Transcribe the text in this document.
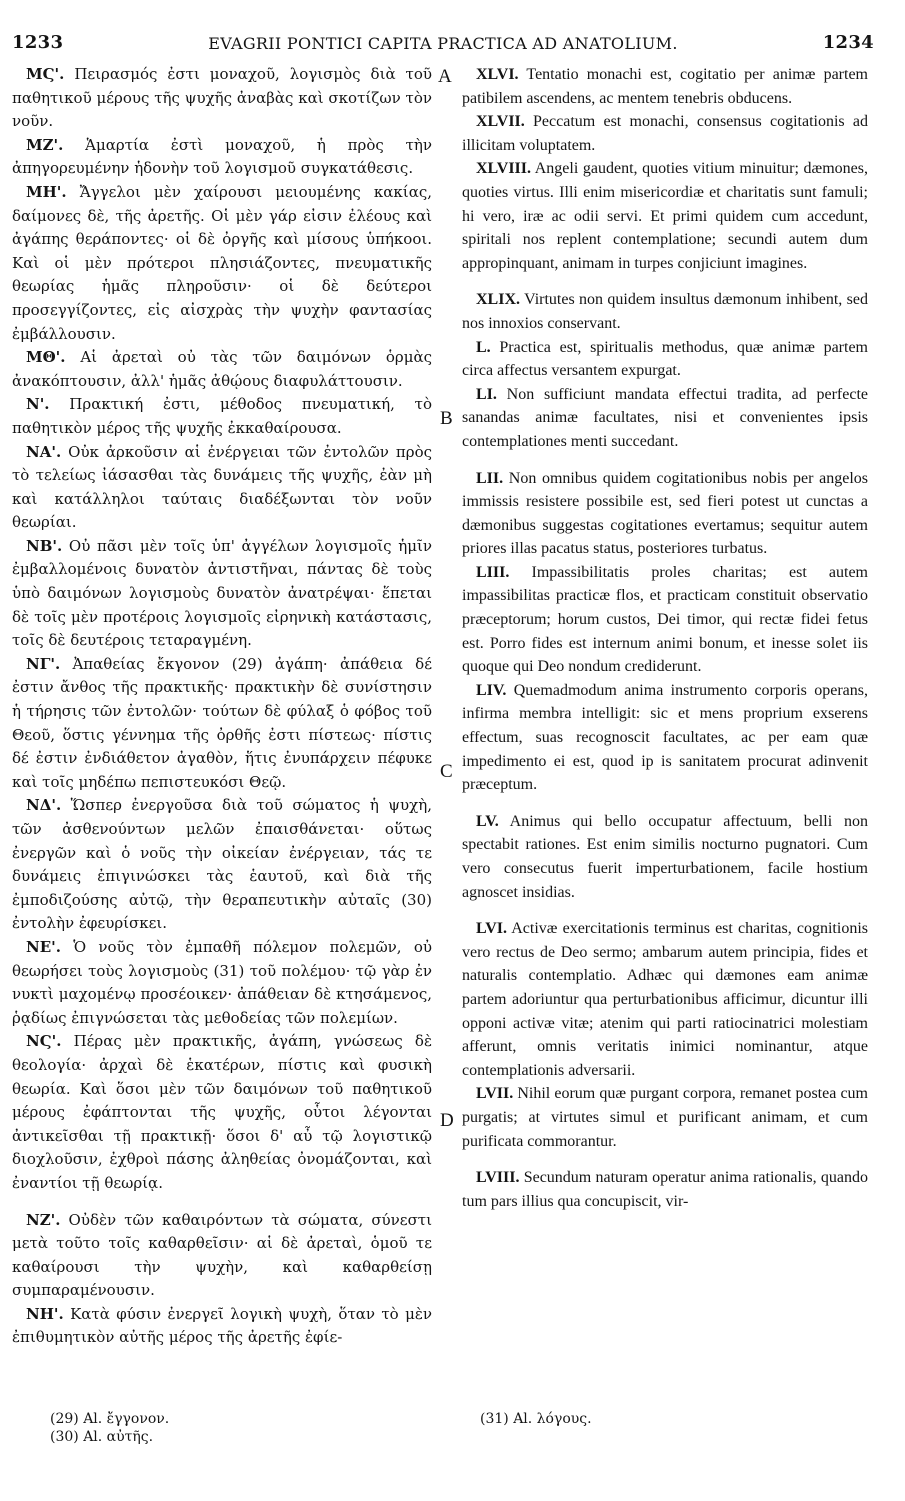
1233	EVAGRII PONTICI CAPITA PRACTICA AD ANATOLIUM.	1234
A
B
C
D

ΜϚ'. Πειρασμός ἐστι μοναχοῦ, λογισμὸς διὰ τοῦ παθητικοῦ μέρους τῆς ψυχῆς ἀναβὰς καὶ σκοτίζων τὸν νοῦν.

ΜΖ'. Ἁμαρτία ἐστὶ μοναχοῦ, ἡ πρὸς τὴν ἀπηγορευμένην ἡδονὴν τοῦ λογισμοῦ συγκατάθεσις.

ΜΗ'. Ἄγγελοι μὲν χαίρουσι μειουμένης κακίας, δαίμονες δὲ, τῆς ἀρετῆς. Οἱ μὲν γάρ εἰσιν ἐλέους καὶ ἀγάπης θεράποντες· οἱ δὲ ὀργῆς καὶ μίσους ὑπήκοοι. Καὶ οἱ μὲν πρότεροι πλησιάζοντες, πνευματικῆς θεωρίας ἡμᾶς πληροῦσιν· οἱ δὲ δεύτεροι προσεγγίζοντες, εἰς αἰσχρὰς τὴν ψυχὴν φαντασίας ἐμβάλλουσιν.

ΜΘ'. Αἱ ἀρεταὶ οὐ τὰς τῶν δαιμόνων ὁρμὰς ἀνακόπτουσιν, ἀλλ' ἡμᾶς ἀθῴους διαφυλάττουσιν.

Ν'. Πρακτική ἐστι, μέθοδος πνευματική, τὸ παθητικὸν μέρος τῆς ψυχῆς ἐκκαθαίρουσα.

ΝΑ'. Οὐκ ἀρκοῦσιν αἱ ἐνέργειαι τῶν ἐντολῶν πρὸς τὸ τελείως ἰάσασθαι τὰς δυνάμεις τῆς ψυχῆς, ἐὰν μὴ καὶ κατάλληλοι ταύταις διαδέξωνται τὸν νοῦν θεωρίαι.

ΝΒ'. Οὐ πᾶσι μὲν τοῖς ὑπ' ἀγγέλων λογισμοῖς ἡμῖν ἐμβαλλομένοις δυνατὸν ἀντιστῆναι, πάντας δὲ τοὺς ὑπὸ δαιμόνων λογισμοὺς δυνατὸν ἀνατρέψαι· ἕπεται δὲ τοῖς μὲν προτέροις λογισμοῖς εἰρηνικὴ κατάστασις, τοῖς δὲ δευτέροις τεταραγμένη.

ΝΓ'. Ἀπαθείας ἔκγονον (29) ἀγάπη· ἀπάθεια δέ ἐστιν ἄνθος τῆς πρακτικῆς· πρακτικὴν δὲ συνίστησιν ἡ τήρησις τῶν ἐντολῶν· τούτων δὲ φύλαξ ὁ φόβος τοῦ Θεοῦ, ὅστις γέννημα τῆς ὀρθῆς ἐστι πίστεως· πίστις δέ ἐστιν ἐνδιάθετον ἀγαθὸν, ἥτις ἐνυπάρχειν πέφυκε καὶ τοῖς μηδέπω πεπιστευκόσι Θεῷ.

ΝΔ'. Ὥσπερ ἐνεργοῦσα διὰ τοῦ σώματος ἡ ψυχὴ, τῶν ἀσθενούντων μελῶν ἐπαισθάνεται· οὕτως ἐνεργῶν καὶ ὁ νοῦς τὴν οἰκείαν ἐνέργειαν, τάς τε δυνάμεις ἐπιγινώσκει τὰς ἑαυτοῦ, καὶ διὰ τῆς ἐμποδιζούσης αὐτῷ, τὴν θεραπευτικὴν αὐταῖς (30) ἐντολὴν ἐφευρίσκει.

ΝΕ'. Ὁ νοῦς τὸν ἐμπαθῆ πόλεμον πολεμῶν, οὐ θεωρήσει τοὺς λογισμοὺς (31) τοῦ πολέμου· τῷ γὰρ ἐν νυκτὶ μαχομένῳ προσέοικεν· ἀπάθειαν δὲ κτησάμενος, ῥᾳδίως ἐπιγνώσεται τὰς μεθοδείας τῶν πολεμίων.

ΝϚ'. Πέρας μὲν πρακτικῆς, ἀγάπη, γνώσεως δὲ θεολογία· ἀρχαὶ δὲ ἑκατέρων, πίστις καὶ φυσικὴ θεωρία. Καὶ ὅσοι μὲν τῶν δαιμόνων τοῦ παθητικοῦ μέρους ἐφάπτονται τῆς ψυχῆς, οὗτοι λέγονται ἀντικεῖσθαι τῇ πρακτικῇ· ὅσοι δ' αὖ τῷ λογιστικῷ διοχλοῦσιν, ἐχθροὶ πάσης ἀληθείας ὀνομάζονται, καὶ ἐναντίοι τῇ θεωρίᾳ.

ΝΖ'. Οὐδὲν τῶν καθαιρόντων τὰ σώματα, σύνεστι μετὰ τοῦτο τοῖς καθαρθεῖσιν· αἱ δὲ ἀρεταὶ, ὁμοῦ τε καθαίρουσι τὴν ψυχὴν, καὶ καθαρθείσῃ συμπαραμένουσιν.

ΝΗ'. Κατὰ φύσιν ἐνεργεῖ λογικὴ ψυχὴ, ὅταν τὸ μὲν ἐπιθυμητικὸν αὐτῆς μέρος τῆς ἀρετῆς ἐφίε-

XLVI. Tentatio monachi est, cogitatio per animæ partem patibilem ascendens, ac mentem tenebris obducens.

XLVII. Peccatum est monachi, consensus cogitationis ad illicitam voluptatem.

XLVIII. Angeli gaudent, quoties vitium minuitur; dæmones, quoties virtus. Illi enim misericordiæ et charitatis sunt famuli; hi vero, iræ ac odii servi. Et primi quidem cum accedunt, spiritali nos replent contemplatione; secundi autem dum appropinquant, animam in turpes conjiciunt imagines.

XLIX. Virtutes non quidem insultus dæmonum inhibent, sed nos innoxios conservant.

L. Practica est, spiritualis methodus, quæ animæ partem circa affectus versantem expurgat.

LI. Non sufficiunt mandata effectui tradita, ad perfecte sanandas animæ facultates, nisi et convenientes ipsis contemplationes menti succedant.

LII. Non omnibus quidem cogitationibus nobis per angelos immissis resistere possibile est, sed fieri potest ut cunctas a dæmonibus suggestas cogitationes evertamus; sequitur autem priores illas pacatus status, posteriores turbatus.

LIII. Impassibilitatis proles charitas; est autem impassibilitas practicæ flos, et practicam constituit observatio præceptorum; horum custos, Dei timor, qui rectæ fidei fetus est. Porro fides est internum animi bonum, et inesse solet iis quoque qui Deo nondum crediderunt.

LIV. Quemadmodum anima instrumento corporis operans, infirma membra intelligit: sic et mens proprium exserens effectum, suas recognoscit facultates, ac per eam quæ impedimento ei est, quod ip is sanitatem procurat adinvenit præceptum.

LV. Animus qui bello occupatur affectuum, belli non spectabit rationes. Est enim similis nocturno pugnatori. Cum vero consecutus fuerit imperturbationem, facile hostium agnoscet insidias.

LVI. Activæ exercitationis terminus est charitas, cognitionis vero rectus de Deo sermo; ambarum autem principia, fides et naturalis contemplatio. Adhæc qui dæmones eam animæ partem adoriuntur qua perturbationibus afficimur, dicuntur illi opponi activæ vitæ; atenim qui parti ratiocinatrici molestiam afferunt, omnis veritatis inimici nominantur, atque contemplationis adversarii.

LVII. Nihil eorum quæ purgant corpora, remanet postea cum purgatis; at virtutes simul et purificant animam, et cum purificata commorantur.

LVIII. Secundum naturam operatur anima rationalis, quando tum pars illius qua concupiscit, vir-

(29) Al. ἔγγονον.
(30) Al. αὐτῆς.
(31) Al. λόγους.
